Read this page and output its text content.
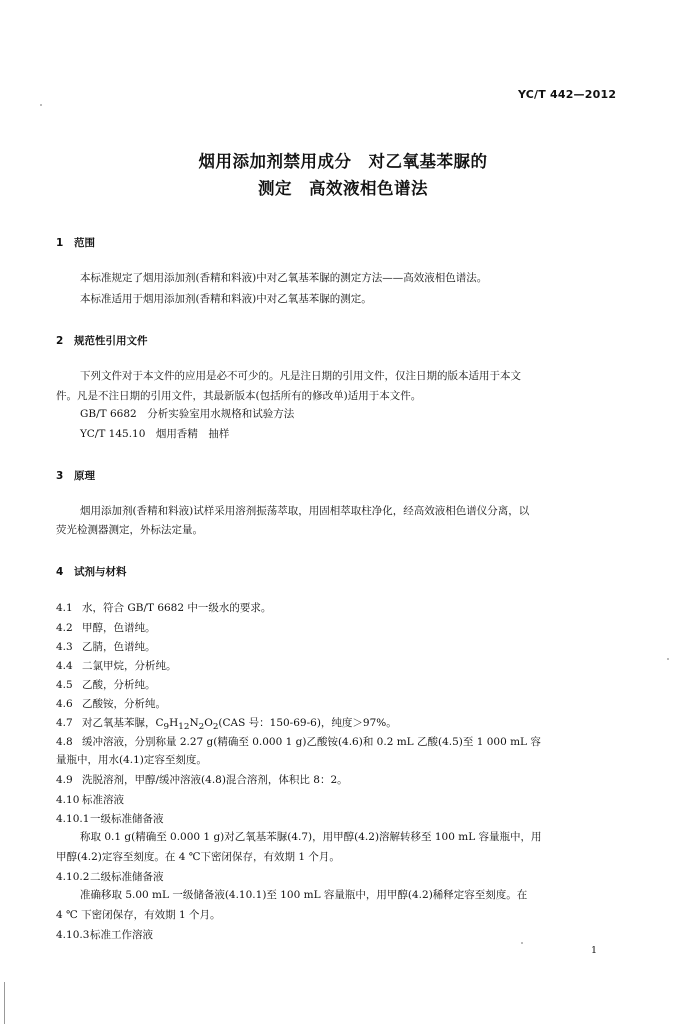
YC/T 442—2012
烟用添加剂禁用成分　对乙氧基苯脲的
测定　高效液相色谱法
1 范围
本标准规定了烟用添加剂(香精和料液)中对乙氧基苯脲的测定方法——高效液相色谱法。
本标准适用于烟用添加剂(香精和料液)中对乙氧基苯脲的测定。
2 规范性引用文件
下列文件对于本文件的应用是必不可少的。凡是注日期的引用文件，仅注日期的版本适用于本文
件。凡是不注日期的引用文件，其最新版本(包括所有的修改单)适用于本文件。
GB/T 6682　分析实验室用水规格和试验方法
YC/T 145.10　烟用香精　抽样
3 原理
烟用添加剂(香精和料液)试样采用溶剂振荡萃取，用固相萃取柱净化，经高效液相色谱仪分离，以
荧光检测器测定，外标法定量。
4 试剂与材料
4.1 水，符合 GB/T 6682 中一级水的要求。
4.2 甲醇，色谱纯。
4.3 乙腈，色谱纯。
4.4 二氯甲烷，分析纯。
4.5 乙酸，分析纯。
4.6 乙酸铵，分析纯。
4.7 对乙氧基苯脲，$C_9H_{12}N_2O_2(CAS$ 号：150-69-6)，纯度＞97%。
4.8 缓冲溶液，分别称量 2.27 g(精确至 0.000 1 g)乙酸铵(4.6)和 0.2 mL 乙酸(4.5)至 1 000 mL 容
量瓶中，用水(4.1)定容至刻度。
4.9 洗脱溶剂，甲醇/缓冲溶液(4.8)混合溶剂，体积比 8：2。
4.10 标准溶液
4.10.1一级标准储备液
称取 0.1 g(精确至 0.000 1 g)对乙氧基苯脲(4.7)，用甲醇(4.2)溶解转移至 100 mL 容量瓶中，用
甲醇(4.2)定容至刻度。在 4 ℃下密闭保存，有效期 1 个月。
4.10.2二级标准储备液
准确移取 5.00 mL 一级储备液(4.10.1)至 100 mL 容量瓶中，用甲醇(4.2)稀释定容至刻度。在
4 ℃ 下密闭保存，有效期 1 个月。
4.10.3标准工作溶液
1
